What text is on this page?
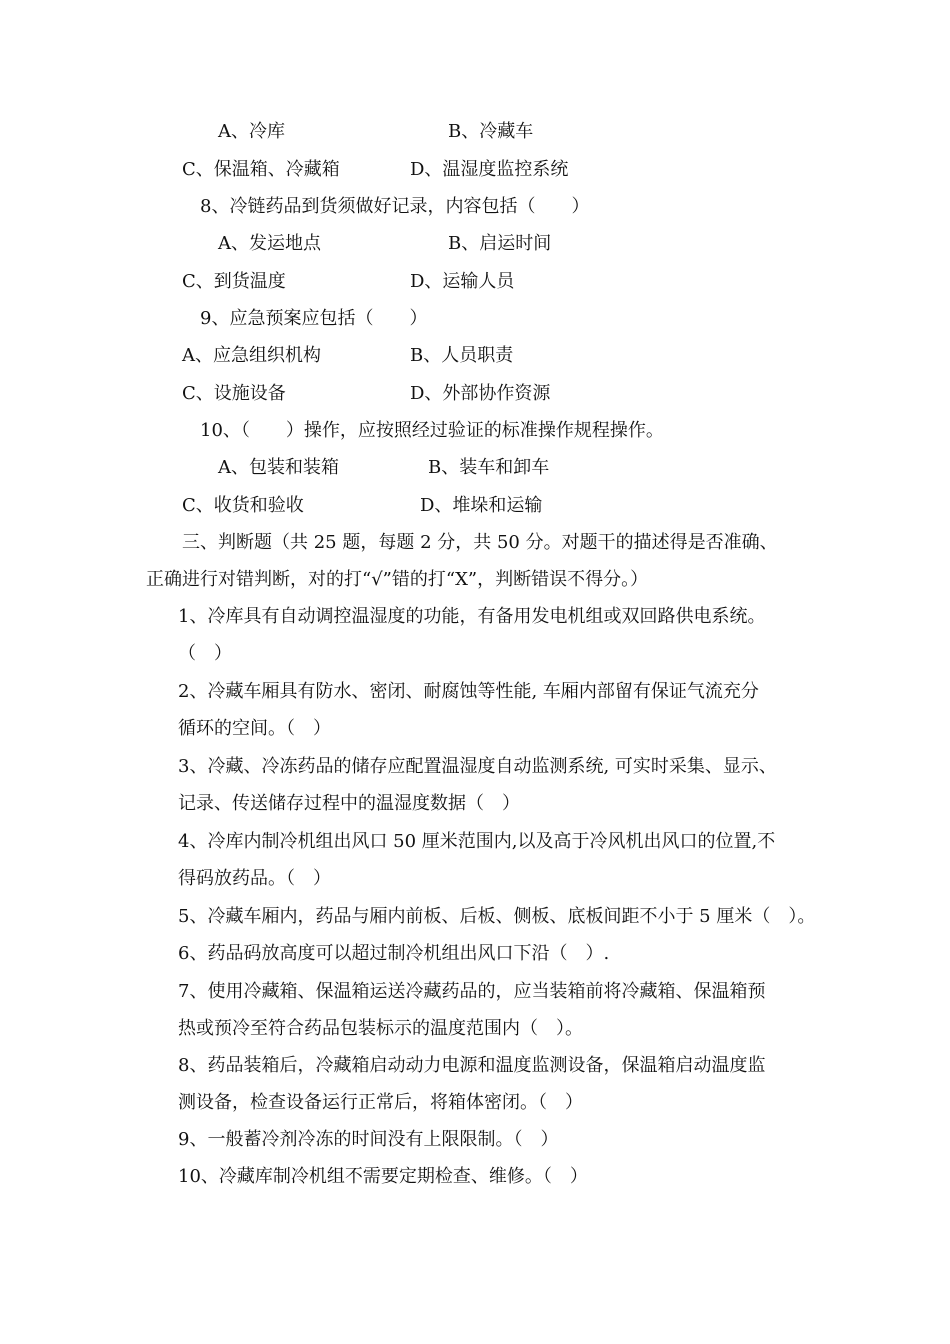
A、冷库	B、冷藏车
C、保温箱、冷藏箱	D、温湿度监控系统
8、冷链药品到货须做好记录，内容包括（　　）
A、发运地点	B、启运时间
C、到货温度	D、运输人员
9、应急预案应包括（　　）
A、应急组织机构	B、人员职责
C、设施设备	D、外部协作资源
10、（　　）操作，应按照经过验证的标准操作规程操作。
A、包装和装箱	B、装车和卸车
C、收货和验收	D、堆垛和运输
三、判断题（共 25 题，每题 2 分，共 50 分。对题干的描述得是否准确、
正确进行对错判断，对的打“√”错的打“X”，判断错误不得分。）
1、冷库具有自动调控温湿度的功能，有备用发电机组或双回路供电系统。
（　）
2、冷藏车厢具有防水、密闭、耐腐蚀等性能, 车厢内部留有保证气流充分
循环的空间。（　）
3、冷藏、冷冻药品的储存应配置温湿度自动监测系统, 可实时采集、显示、
记录、传送储存过程中的温湿度数据（　）
4、冷库内制冷机组出风口 50 厘米范围内,以及高于冷风机出风口的位置,不
得码放药品。（　）
5、冷藏车厢内，药品与厢内前板、后板、侧板、底板间距不小于 5 厘米（　）。
6、药品码放高度可以超过制冷机组出风口下沿（　）.
7、使用冷藏箱、保温箱运送冷藏药品的，应当装箱前将冷藏箱、保温箱预
热或预冷至符合药品包装标示的温度范围内（　）。
8、药品装箱后，冷藏箱启动动力电源和温度监测设备，保温箱启动温度监
测设备，检查设备运行正常后，将箱体密闭。（　）
9、一般蓄冷剂冷冻的时间没有上限限制。（　）
10、冷藏库制冷机组不需要定期检查、维修。（　）
